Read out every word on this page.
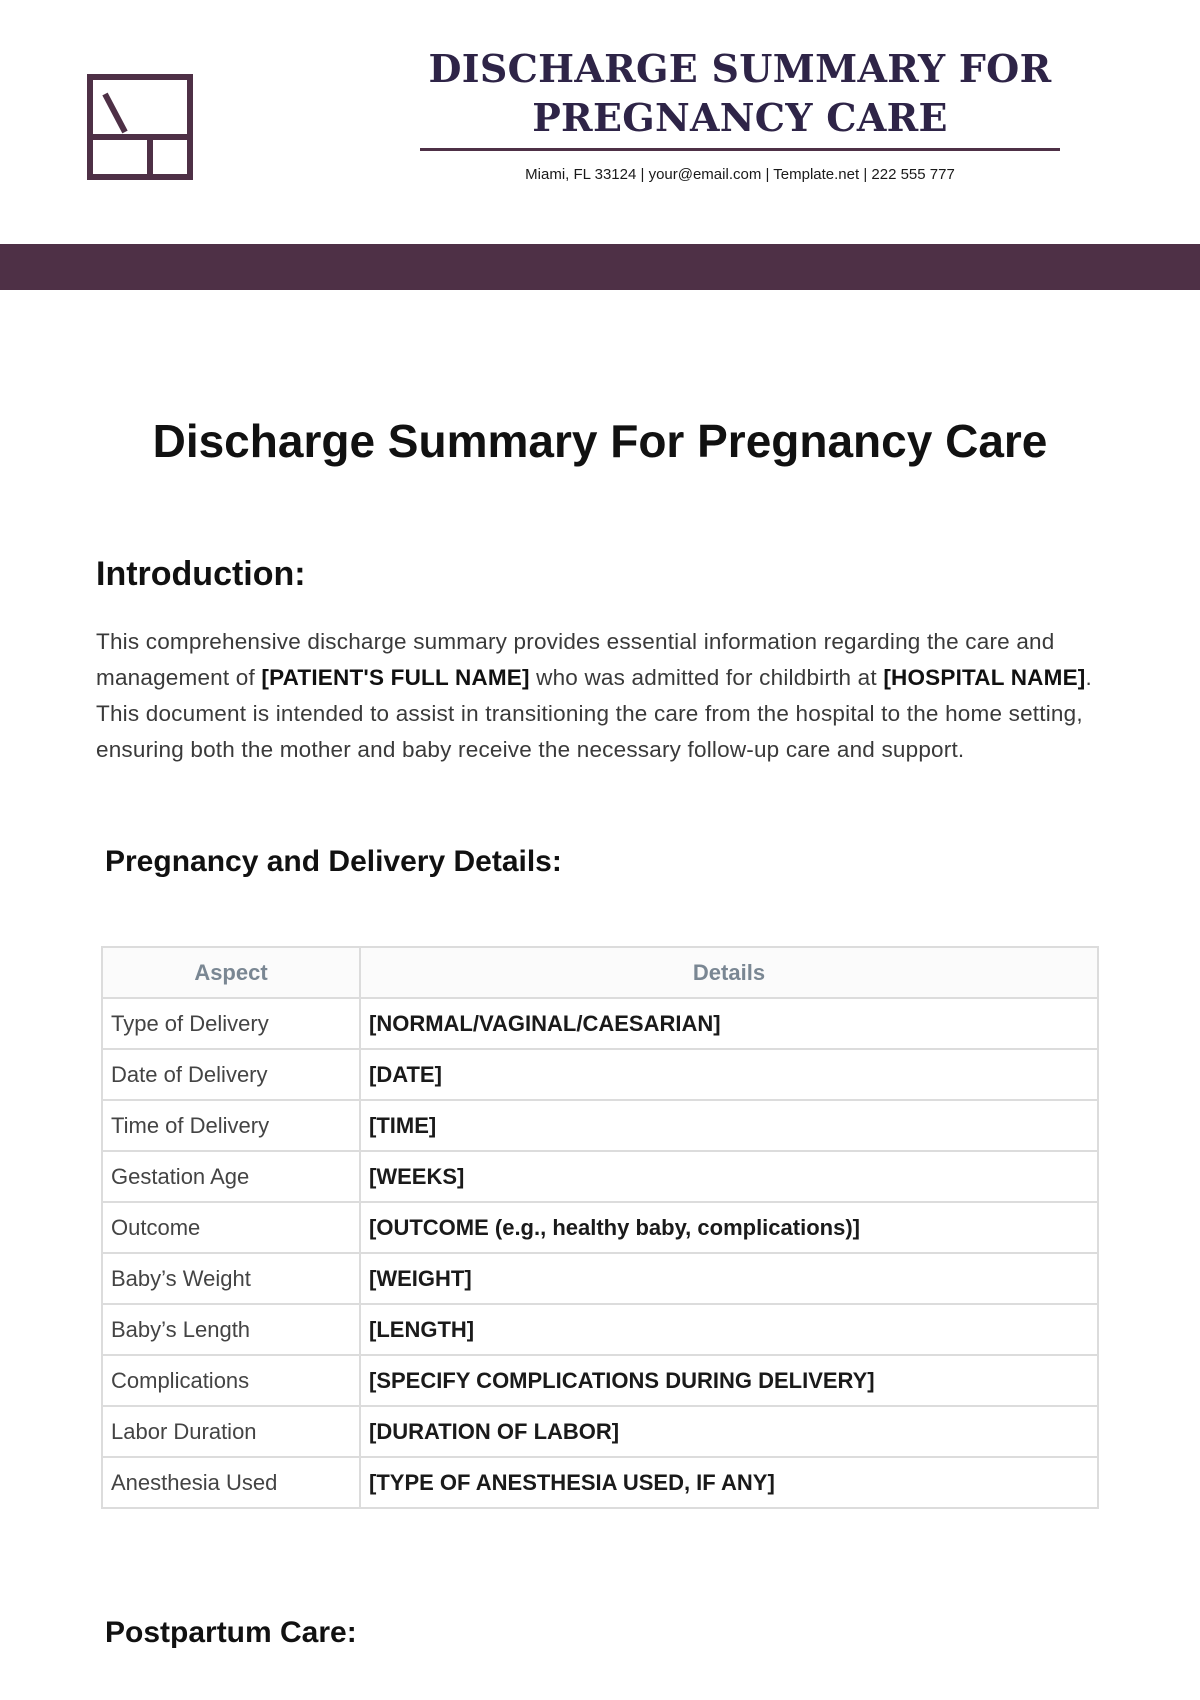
DISCHARGE SUMMARY FOR
PREGNANCY CARE
Miami, FL 33124 | your@email.com | Template.net | 222 555 777
Discharge Summary For Pregnancy Care
Introduction:

This comprehensive discharge summary provides essential information regarding the care and management of [PATIENT'S FULL NAME] who was admitted for childbirth at [HOSPITAL NAME]. This document is intended to assist in transitioning the care from the hospital to the home setting, ensuring both the mother and baby receive the necessary follow-up care and support.

Pregnancy and Delivery Details:
Aspect	Details
Type of Delivery	[NORMAL/VAGINAL/CAESARIAN]
Date of Delivery	[DATE]
Time of Delivery	[TIME]
Gestation Age	[WEEKS]
Outcome	[OUTCOME (e.g., healthy baby, complications)]
Baby’s Weight	[WEIGHT]
Baby’s Length	[LENGTH]
Complications	[SPECIFY COMPLICATIONS DURING DELIVERY]
Labor Duration	[DURATION OF LABOR]
Anesthesia Used	[TYPE OF ANESTHESIA USED, IF ANY]
Postpartum Care:
